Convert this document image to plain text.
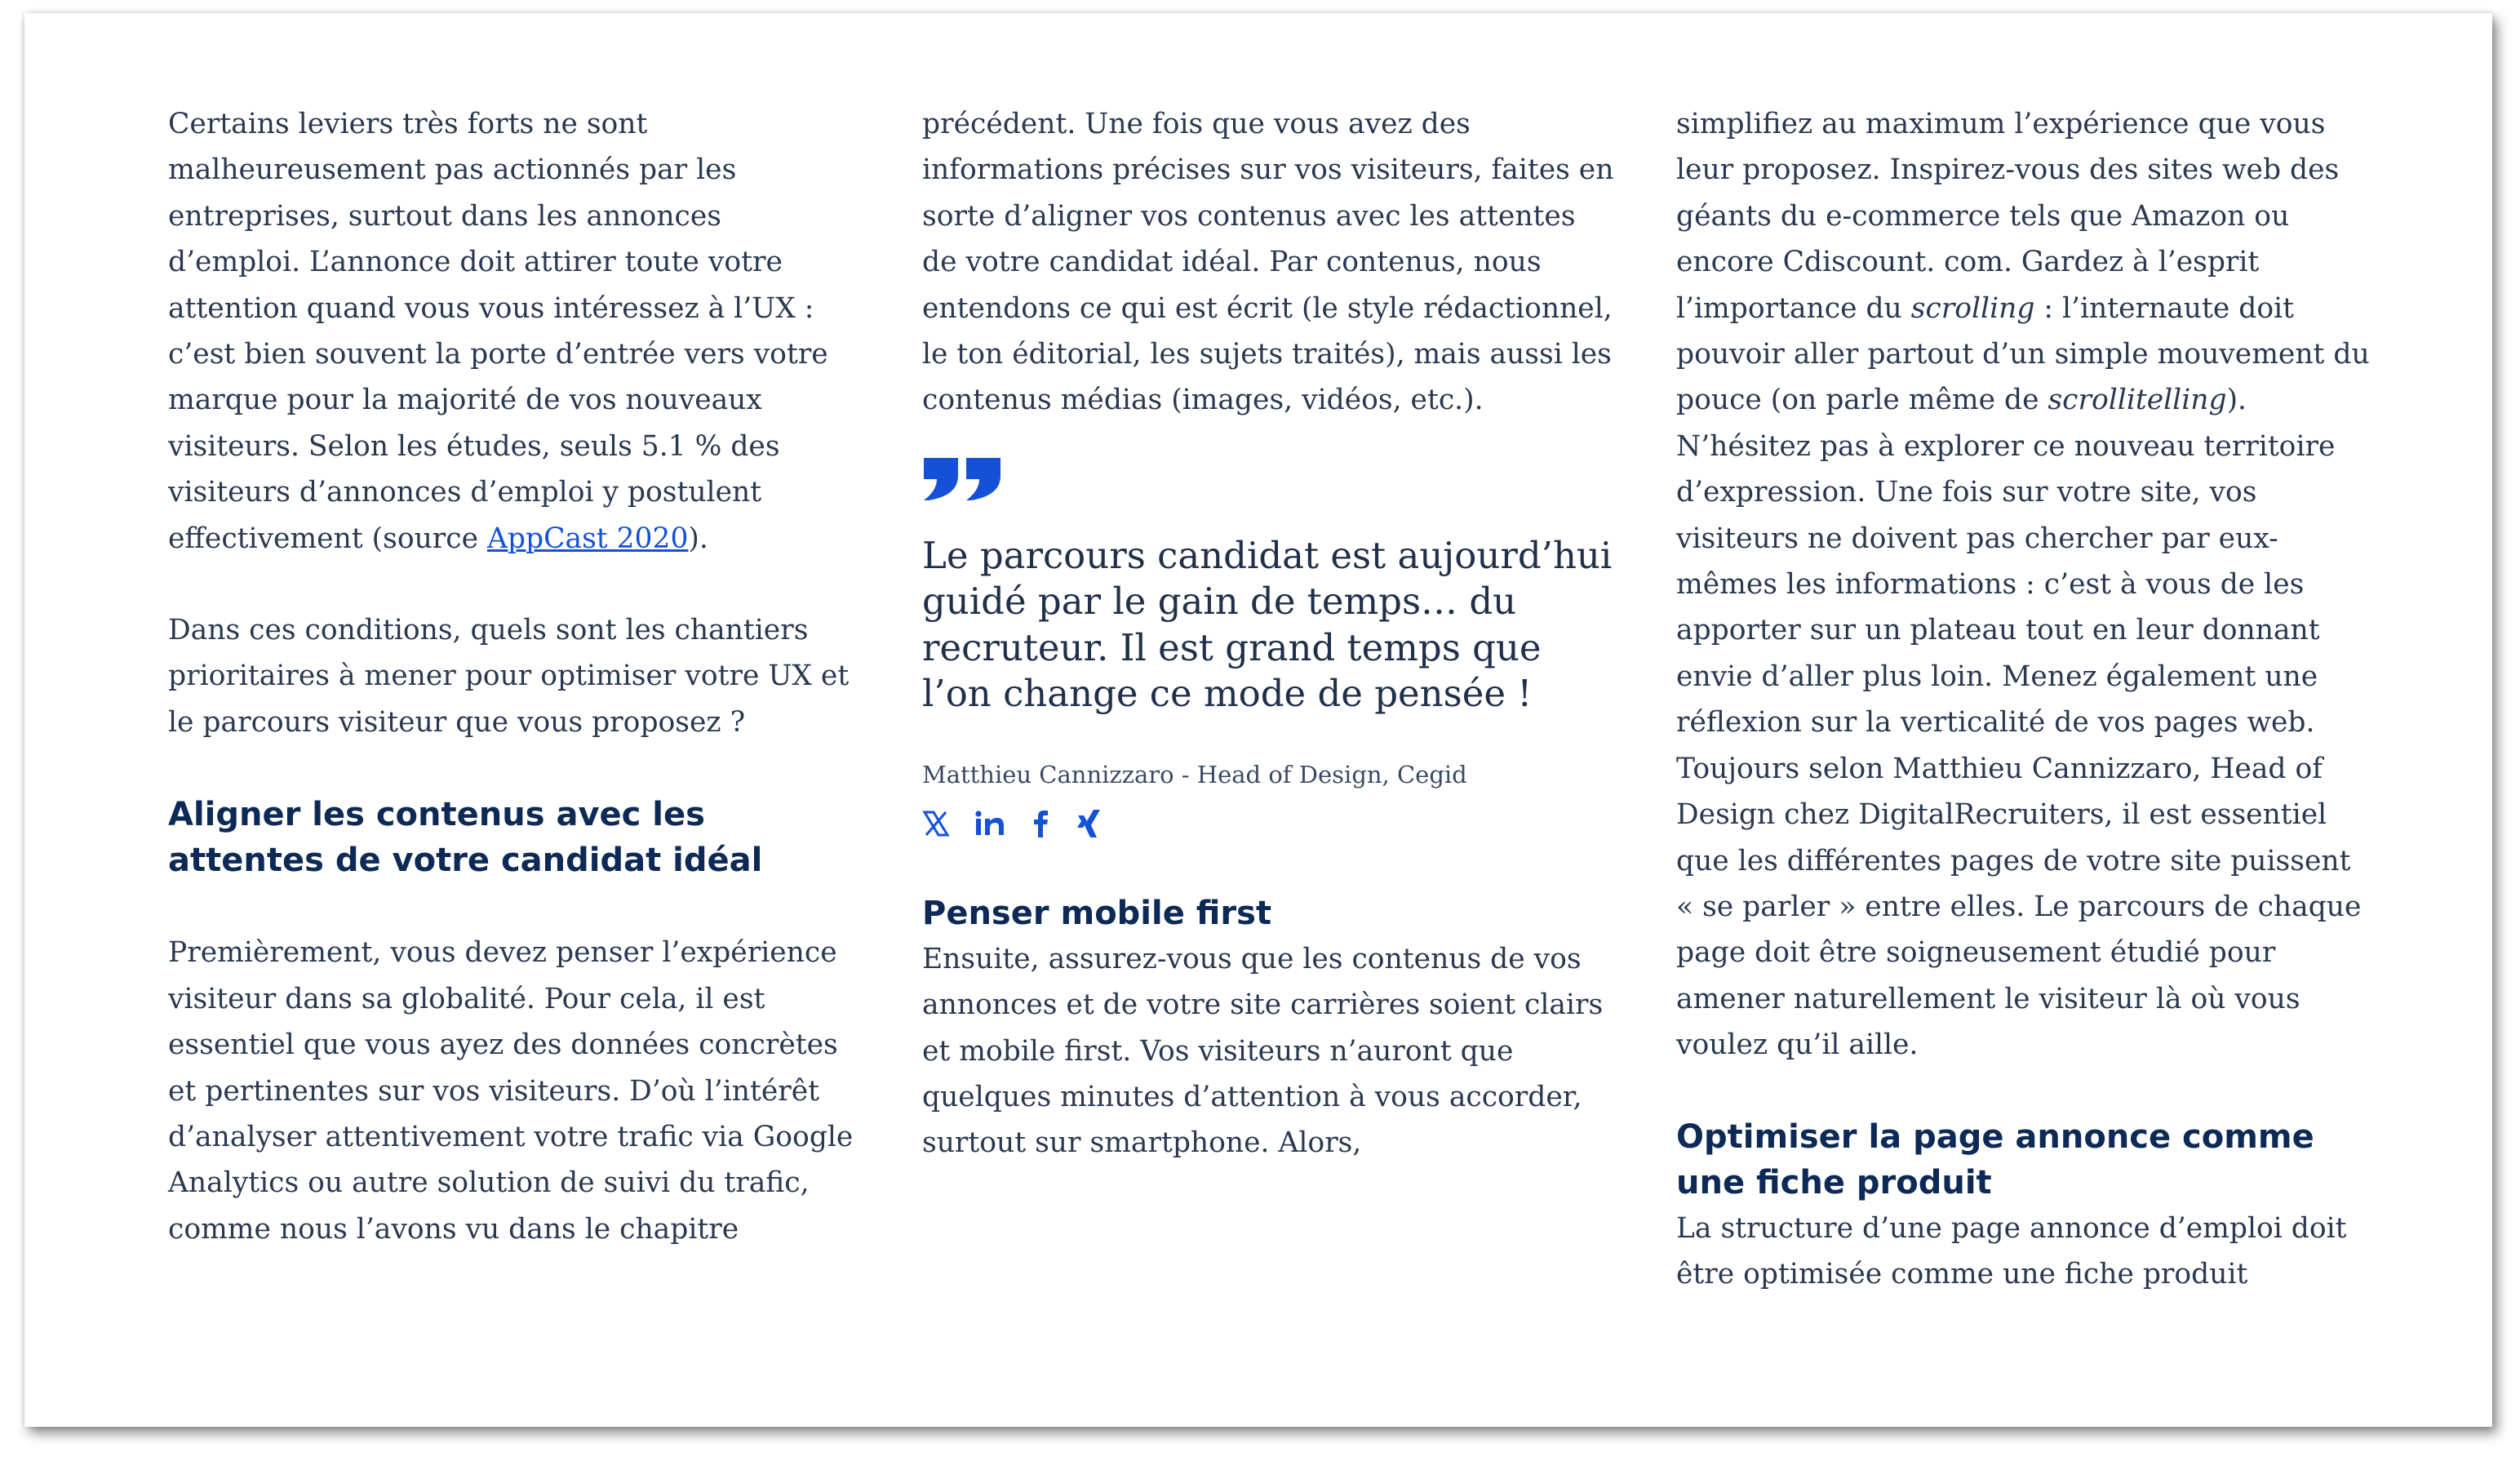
Certains leviers très forts ne sont malheureusement pas actionnés par les entreprises, surtout dans les annonces d’emploi. L’annonce doit attirer toute votre attention quand vous vous intéressez à l’UX : c’est bien souvent la porte d’entrée vers votre marque pour la majorité de vos nouveaux visiteurs. Selon les études, seuls 5.1 % des visiteurs d’annonces d’emploi y postulent effectivement (source AppCast 2020).

Dans ces conditions, quels sont les chantiers prioritaires à mener pour optimiser votre UX et le parcours visiteur que vous proposez ?

Aligner les contenus avec les attentes de votre candidat idéal

Premièrement, vous devez penser l’expérience visiteur dans sa globalité. Pour cela, il est essentiel que vous ayez des données concrètes et pertinentes sur vos visiteurs. D’où l’intérêt d’analyser attentivement votre trafic via Google Analytics ou autre solution de suivi du trafic, comme nous l’avons vu dans le chapitre

précédent. Une fois que vous avez des informations précises sur vos visiteurs, faites en sorte d’aligner vos contenus avec les attentes de votre candidat idéal. Par contenus, nous entendons ce qui est écrit (le style rédactionnel, le ton éditorial, les sujets traités), mais aussi les contenus médias (images, vidéos, etc.).

Le parcours candidat est aujourd’hui guidé par le gain de temps… du recruteur. Il est grand temps que l’on change ce mode de pensée !

Matthieu Cannizzaro - Head of Design, Cegid

Penser mobile first

Ensuite, assurez-vous que les contenus de vos annonces et de votre site carrières soient clairs et mobile first. Vos visiteurs n’auront que quelques minutes d’attention à vous accorder, surtout sur smartphone. Alors,

simplifiez au maximum l’expérience que vous leur proposez. Inspirez-vous des sites web des géants du e-commerce tels que Amazon ou encore Cdiscount. com. Gardez à l’esprit l’importance du scrolling : l’internaute doit pouvoir aller partout d’un simple mouvement du pouce (on parle même de scrollitelling). N’hésitez pas à explorer ce nouveau territoire d’expression. Une fois sur votre site, vos visiteurs ne doivent pas chercher par eux-mêmes les informations : c’est à vous de les apporter sur un plateau tout en leur donnant envie d’aller plus loin. Menez également une réflexion sur la verticalité de vos pages web. Toujours selon Matthieu Cannizzaro, Head of Design chez DigitalRecruiters, il est essentiel que les différentes pages de votre site puissent « se parler » entre elles. Le parcours de chaque page doit être soigneusement étudié pour amener naturellement le visiteur là où vous voulez qu’il aille.

Optimiser la page annonce comme une fiche produit

La structure d’une page annonce d’emploi doit être optimisée comme une fiche produit
